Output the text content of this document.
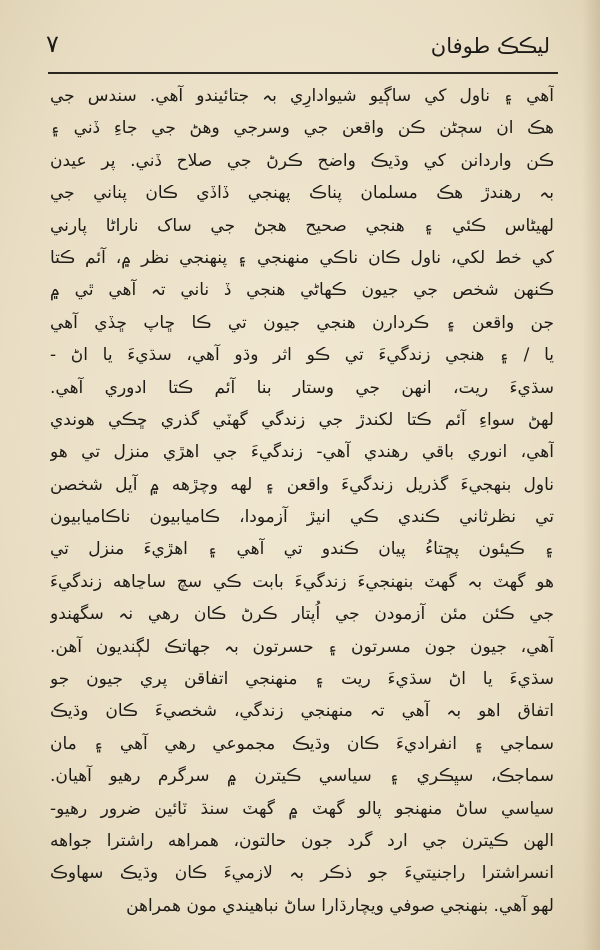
٧	ليڪڪ طوفان
آهي ۽ ناول کي ساڳيو شيوادارِي بہ جتائيندو آهي. سندس جي
هڪ ان سڄڻن ڪن واقعن جي وسرجي وهڻ جي جاءِ ڏني ۽
ڪن واردانن کي وڌيڪ واضح ڪرڻ جي صلاح ڏني. پر عيدن
بہ رهندڙ هڪ مسلمان پناڪ پهنجي ڏاڏي ڪان پناني جي
لهيڻاس ڪئي ۽ هنجي صحيح هجڻ جي ساک ناراڻا پارني
کي خط لکي، ناول ڪان ناڪي منهنجي ۽ پنهنجي نظر ۾، آئم ڪتا
ڪنهن شخص جي جيون ڪهاڻي هنجي ڏ ناني تہ آهي ٿي ۾
جن واقعن ۽ ڪردارن هنجي جيون تي ڪا ڇاپ ڇڏي آهي
يا / ۽ هنجي زندگيءَ تي ڪو اثر وڌو آهي، سڌيءَ يا اڻ -
سڌيءَ ريت، انهن جي وستار بنا آئم ڪتا ادوري آهي.
لهڻ سواءِ آئم ڪتا لکندڙ جي زندگي گهٽي گذري ڇڪي هوندي
آهي، انوري باقي رهندي آهي- زندگيءَ جي اهڙي منزل تي هو
ناول بنهجيءَ گذريل زندگيءَ واقعن ۽ لهه وچڙهه ۾ آيل شخصن
تي نظرثاني ڪندي ڪي انيڙ آزمودا، ڪاميابيون ناڪاميابيون
۽ ڪيئون پڇتاءُ پيان ڪندو تي آهي ۽ اهڙيءَ منزل تي
هو گهٽ بہ گهٽ بنهنجيءَ زندگيءَ بابت ڪي سچ ساڃاهه زندگيءَ
جي ڪئن مئن آزمودن جي اُپتار ڪرڻ ڪان رهي نہ سگهندو
آهي، جيون جون مسرتون ۽ حسرتون بہ جهاتڪ لڳنديون آهن.
سڌيءَ يا اڻ سڌيءَ ريت ۽ منهنجي اتفاقن پري جيون جو
اتفاق اهو بہ آهي تہ منهنجي زندگي، شخصيءَ ڪان وڌيڪ
سماجي ۽ انفراديءَ ڪان وڌيڪ مجموعي رهي آهي ۽ مان
سماجڪ، سڀڪري ۽ سياسي ڪيترن ۾ سرگرم رهيو آهيان.
سياسي ساڻ منهنجو پالو گهٽ ۾ گهٽ سنڌ ٽائين ضرور رهيو-
الهن ڪيترن جي ارد گرد جون حالتون، همراهه راشترا جواهه
انسراشترا راجنيتيءَ جو ذڪر بہ لازميءَ ڪان وڌيڪ سهاوڪ
لهو آهي. بنهنجي صوفي ويچارڌارا ساڻ نباهيندي مون همراهن
